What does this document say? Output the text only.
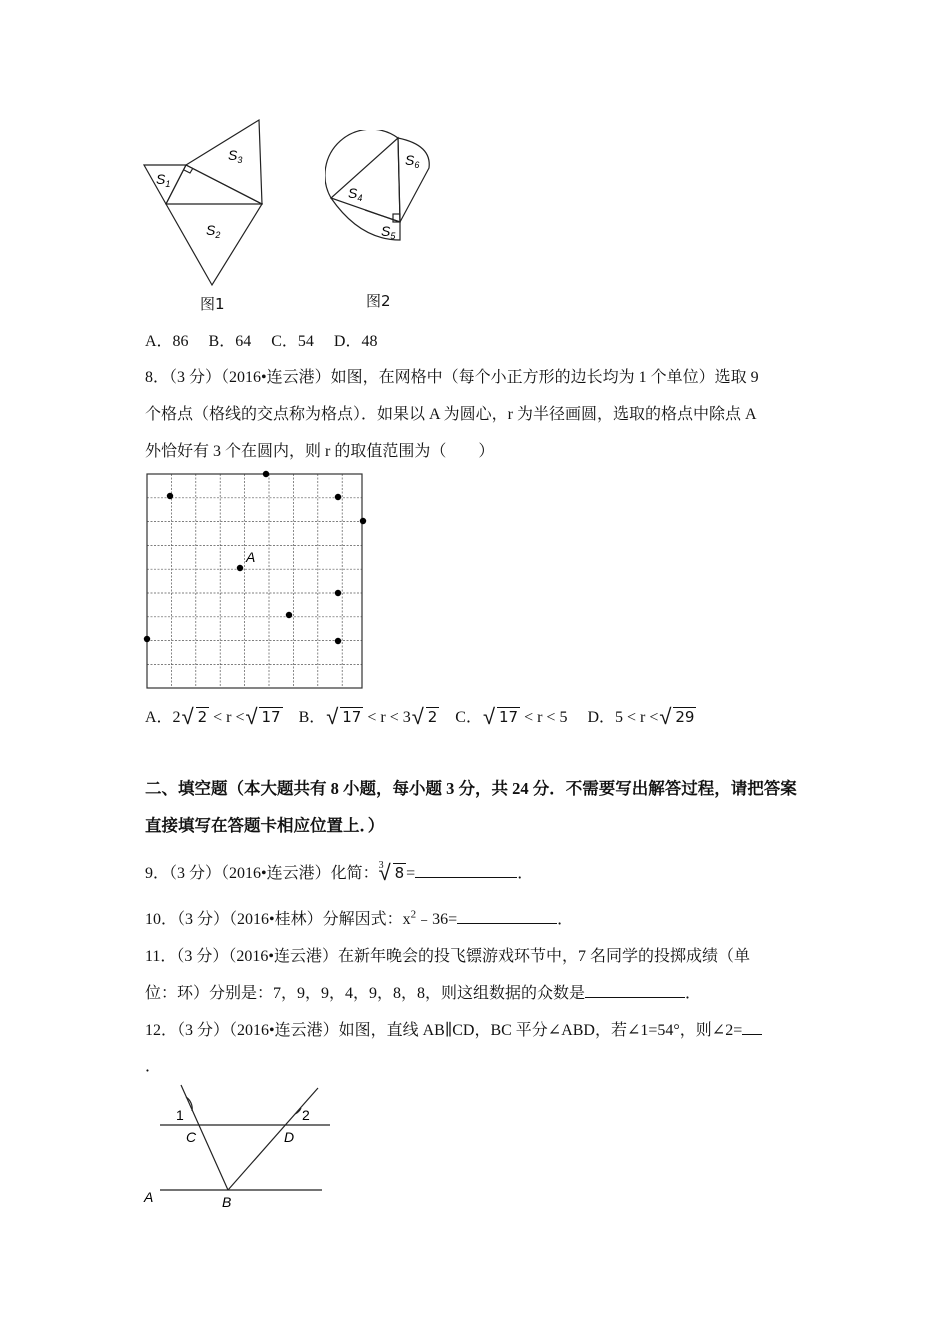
$S_1$
$S_3$
$S_2$
图1
$S_6$
$S_4$
$S_5$
图2
A．86　 B．64　 C．54　 D．48
8．（3 分）（2016•连云港）如图，在网格中（每个小正方形的边长均为 1 个单位）选取 9
个格点（格线的交点称为格点）．如果以 A 为圆心，r 为半径画圆，选取的格点中除点 A
外恰好有 3 个在圆内，则 r 的取值范围为（　　）
A
A．2 √ 2 < r < √ 17 B． √ 17 < r < 3 √ 2 C． √ 17 < r < 5 D．5 < r < √ 29
二、填空题（本大题共有 8 小题，每小题 3 分，共 24 分．不需要写出解答过程，请把答案
直接填写在答题卡相应位置上．）
9．（3 分）（2016•连云港）化简：$^3$ √ 8 =	．
10．（3 分）（2016•桂林）分解因式：$x^2﹣36=$	．
11．（3 分）（2016•连云港）在新年晚会的投飞镖游戏环节中，7 名同学的投掷成绩（单
位：环）分别是：7，9，9，4，9，8，8，则这组数据的众数是	．
12．（3 分）（2016•连云港）如图，直线 AB∥CD，BC 平分∠ABD，若∠1=54°，则∠2=
．
1	2
C	D
A	B
